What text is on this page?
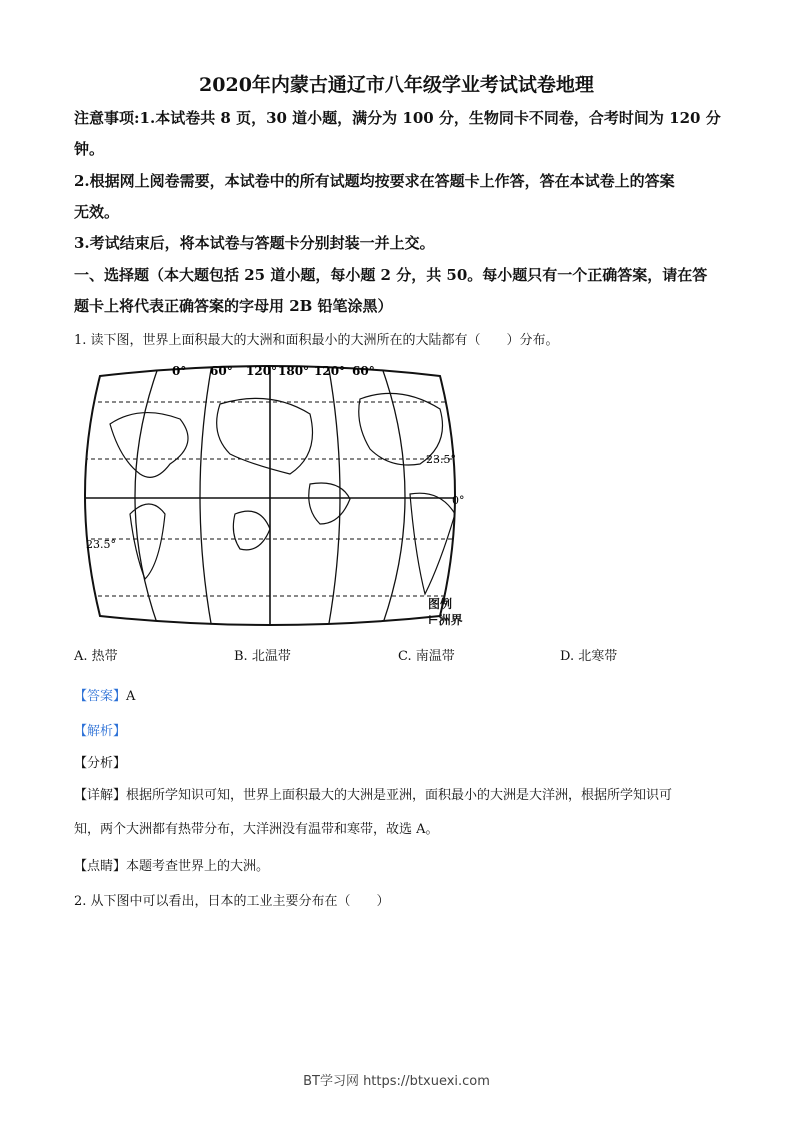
2020年内蒙古通辽市八年级学业考试试卷地理
注意事项:1.本试卷共 8 页，30 道小题，满分为 100 分，生物同卡不同卷，合考时间为 120 分
钟。
2.根据网上阅卷需要，本试卷中的所有试题均按要求在答题卡上作答，答在本试卷上的答案
无效。
3.考试结束后，将本试卷与答题卡分别封装一并上交。
一、选择题（本大题包括 25 道小题，每小题 2 分，共 50。每小题只有一个正确答案，请在答
题卡上将代表正确答案的字母用 2B 铅笔涂黑）
1. 读下图，世界上面积最大的大洲和面积最小的大洲所在的大陆都有（　　）分布。
0° 60° 120° 180° 120° 60°
23.5°
0°
23.5°
图例
⊢洲界
A. 热带	B. 北温带	C. 南温带	D. 北寒带
【答案】A
【解析】
【分析】
【详解】根据所学知识可知，世界上面积最大的大洲是亚洲，面积最小的大洲是大洋洲，根据所学知识可
知，两个大洲都有热带分布，大洋洲没有温带和寒带，故选 A。
【点睛】本题考查世界上的大洲。
2. 从下图中可以看出，日本的工业主要分布在（　　）
BT学习网 https://btxuexi.com
